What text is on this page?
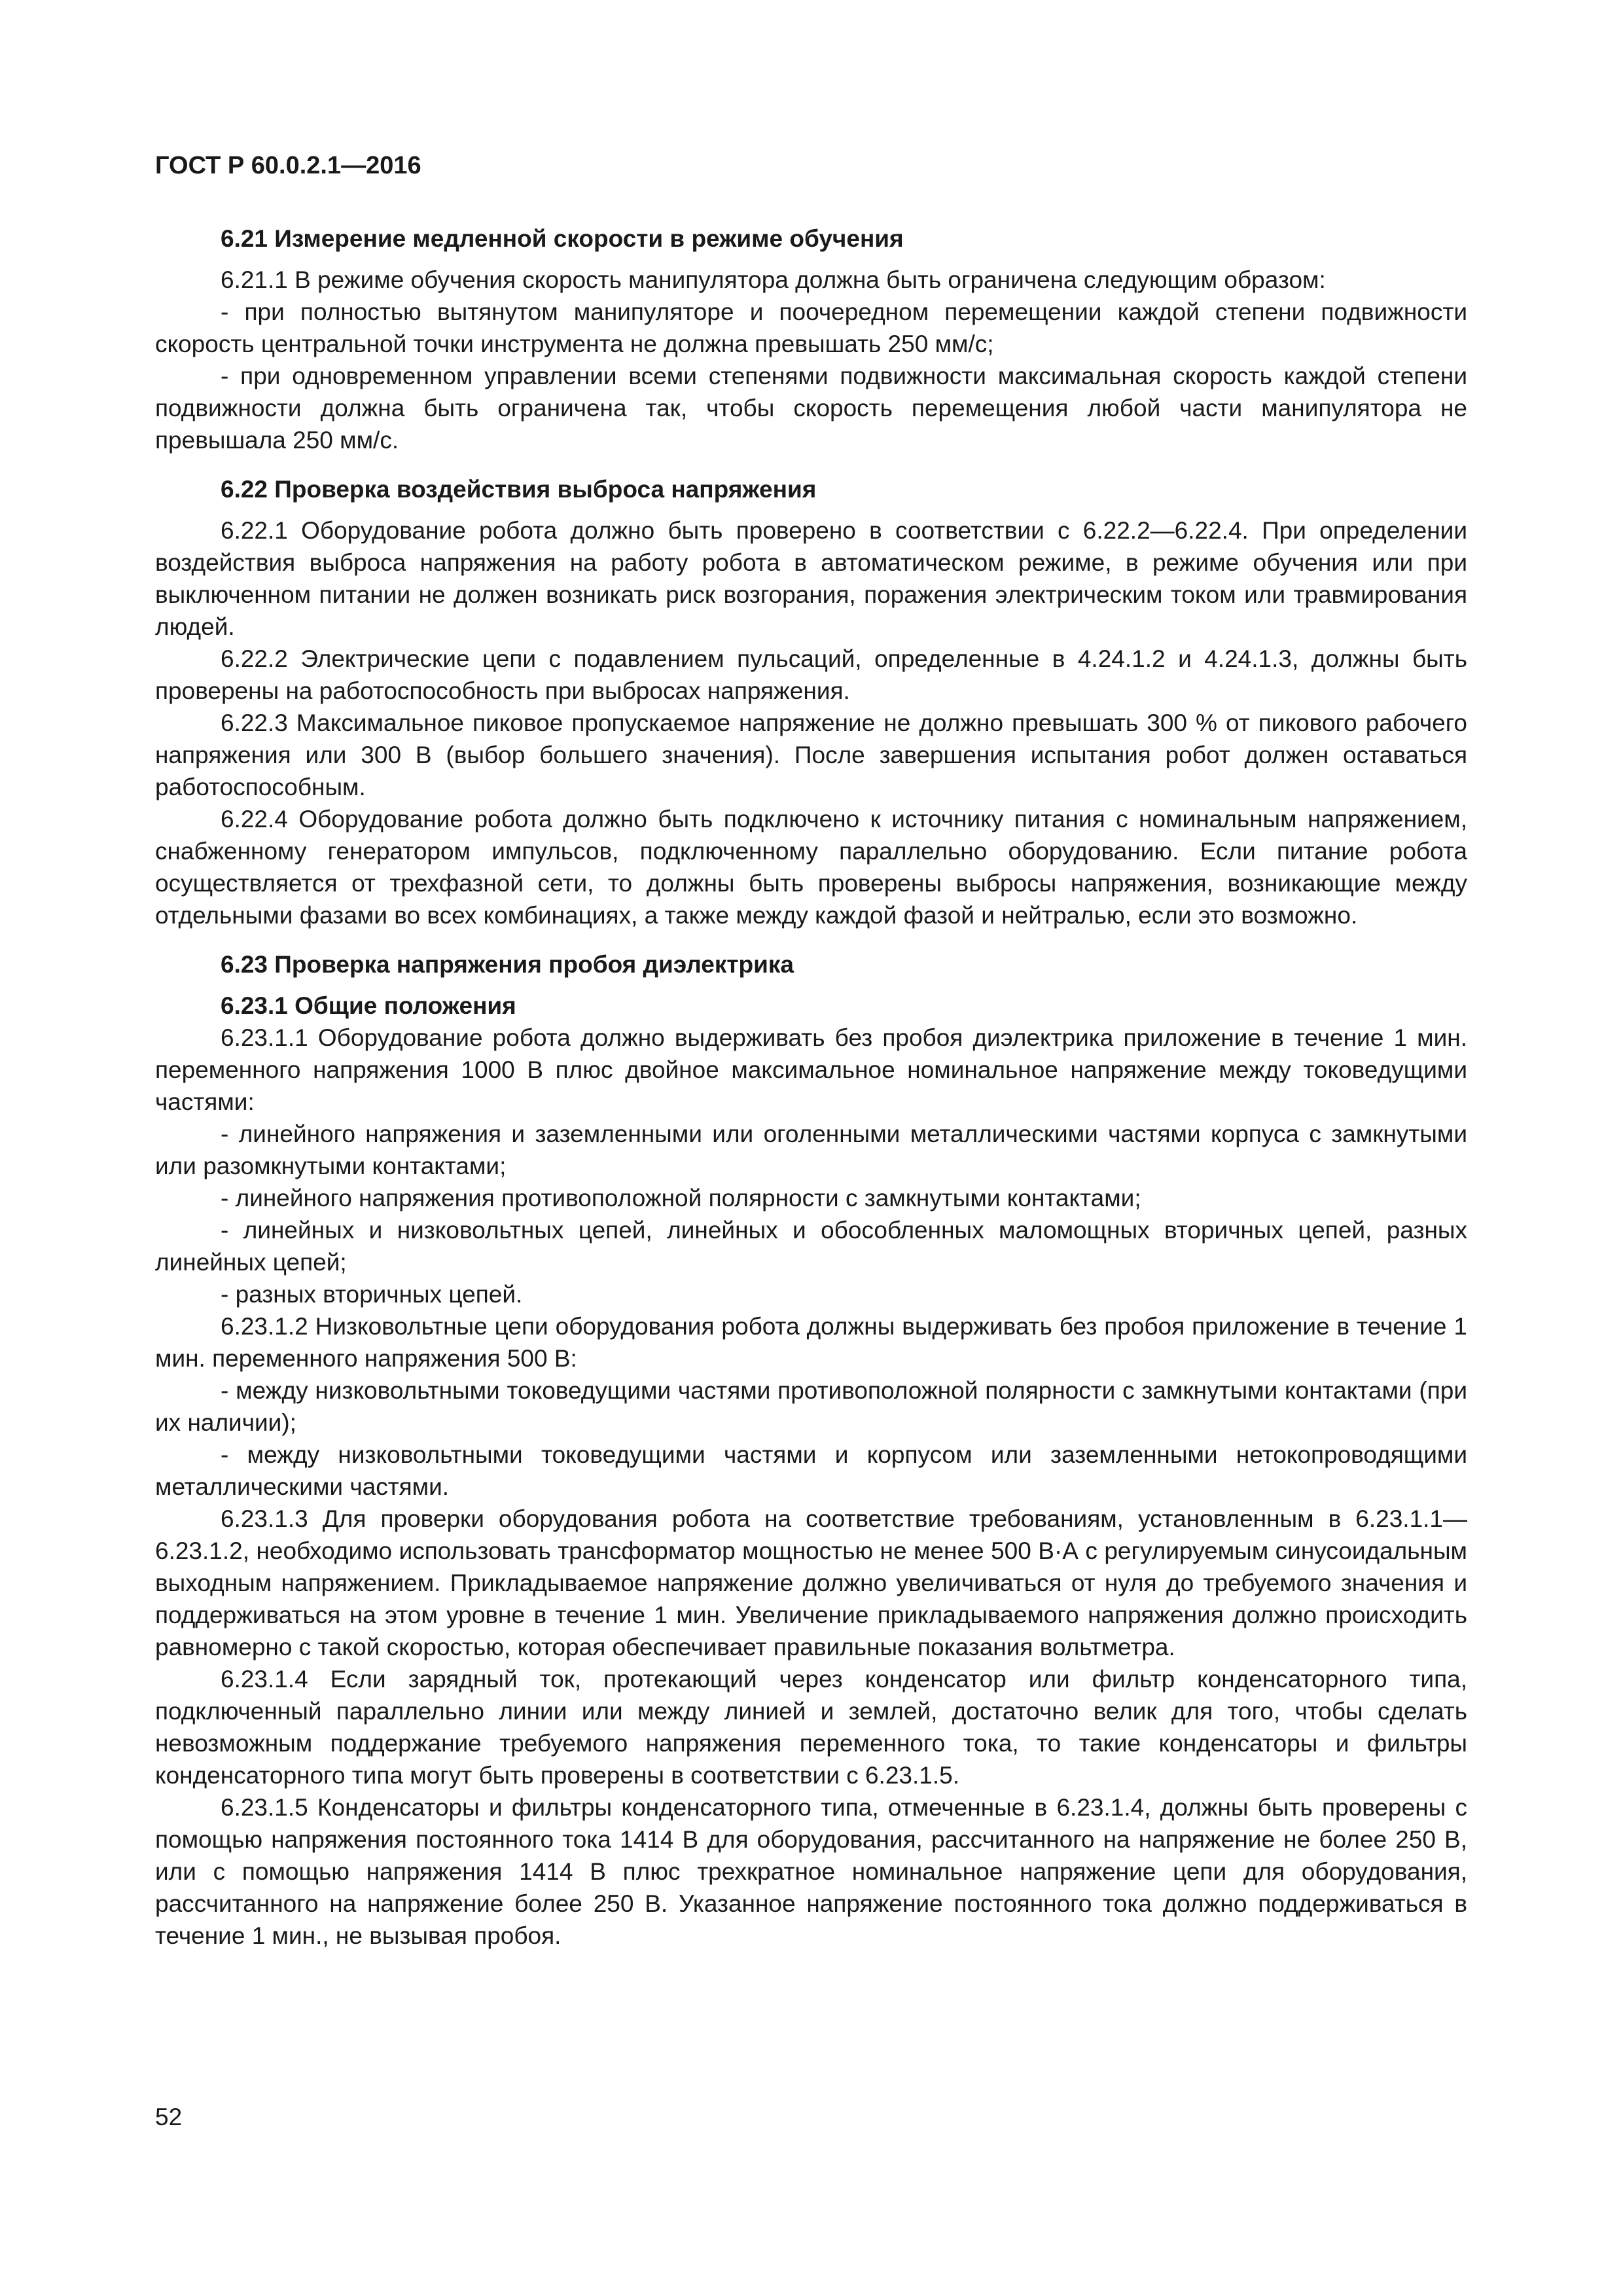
ГОСТ Р 60.0.2.1—2016

6.21 Измерение медленной скорости в режиме обучения

6.21.1 В режиме обучения скорость манипулятора должна быть ограничена следующим образом:

- при полностью вытянутом манипуляторе и поочередном перемещении каждой степени подвижности скорость центральной точки инструмента не должна превышать 250 мм/с;

- при одновременном управлении всеми степенями подвижности максимальная скорость каждой степени подвижности должна быть ограничена так, чтобы скорость перемещения любой части манипулятора не превышала 250 мм/с.

6.22 Проверка воздействия выброса напряжения

6.22.1 Оборудование робота должно быть проверено в соответствии с 6.22.2—6.22.4. При определении воздействия выброса напряжения на работу робота в автоматическом режиме, в режиме обучения или при выключенном питании не должен возникать риск возгорания, поражения электрическим током или травмирования людей.

6.22.2 Электрические цепи с подавлением пульсаций, определенные в 4.24.1.2 и 4.24.1.3, должны быть проверены на работоспособность при выбросах напряжения.

6.22.3 Максимальное пиковое пропускаемое напряжение не должно превышать 300 % от пикового рабочего напряжения или 300 В (выбор большего значения). После завершения испытания робот должен оставаться работоспособным.

6.22.4 Оборудование робота должно быть подключено к источнику питания с номинальным напряжением, снабженному генератором импульсов, подключенному параллельно оборудованию. Если питание робота осуществляется от трехфазной сети, то должны быть проверены выбросы напряжения, возникающие между отдельными фазами во всех комбинациях, а также между каждой фазой и нейтралью, если это возможно.

6.23 Проверка напряжения пробоя диэлектрика

6.23.1 Общие положения

6.23.1.1 Оборудование робота должно выдерживать без пробоя диэлектрика приложение в течение 1 мин. переменного напряжения 1000 В плюс двойное максимальное номинальное напряжение между токоведущими частями:

- линейного напряжения и заземленными или оголенными металлическими частями корпуса с замкнутыми или разомкнутыми контактами;

- линейного напряжения противоположной полярности с замкнутыми контактами;

- линейных и низковольтных цепей, линейных и обособленных маломощных вторичных цепей, разных линейных цепей;

- разных вторичных цепей.

6.23.1.2 Низковольтные цепи оборудования робота должны выдерживать без пробоя приложение в течение 1 мин. переменного напряжения 500 В:

- между низковольтными токоведущими частями противоположной полярности с замкнутыми контактами (при их наличии);

- между низковольтными токоведущими частями и корпусом или заземленными нетокопроводящими металлическими частями.

6.23.1.3 Для проверки оборудования робота на соответствие требованиям, установленным в 6.23.1.1—6.23.1.2, необходимо использовать трансформатор мощностью не менее 500 В·А с регулируемым синусоидальным выходным напряжением. Прикладываемое напряжение должно увеличиваться от нуля до требуемого значения и поддерживаться на этом уровне в течение 1 мин. Увеличение прикладываемого напряжения должно происходить равномерно с такой скоростью, которая обеспечивает правильные показания вольтметра.

6.23.1.4 Если зарядный ток, протекающий через конденсатор или фильтр конденсаторного типа, подключенный параллельно линии или между линией и землей, достаточно велик для того, чтобы сделать невозможным поддержание требуемого напряжения переменного тока, то такие конденсаторы и фильтры конденсаторного типа могут быть проверены в соответствии с 6.23.1.5.

6.23.1.5 Конденсаторы и фильтры конденсаторного типа, отмеченные в 6.23.1.4, должны быть проверены с помощью напряжения постоянного тока 1414 В для оборудования, рассчитанного на напряжение не более 250 В, или с помощью напряжения 1414 В плюс трехкратное номинальное напряжение цепи для оборудования, рассчитанного на напряжение более 250 В. Указанное напряжение постоянного тока должно поддерживаться в течение 1 мин., не вызывая пробоя.

52
